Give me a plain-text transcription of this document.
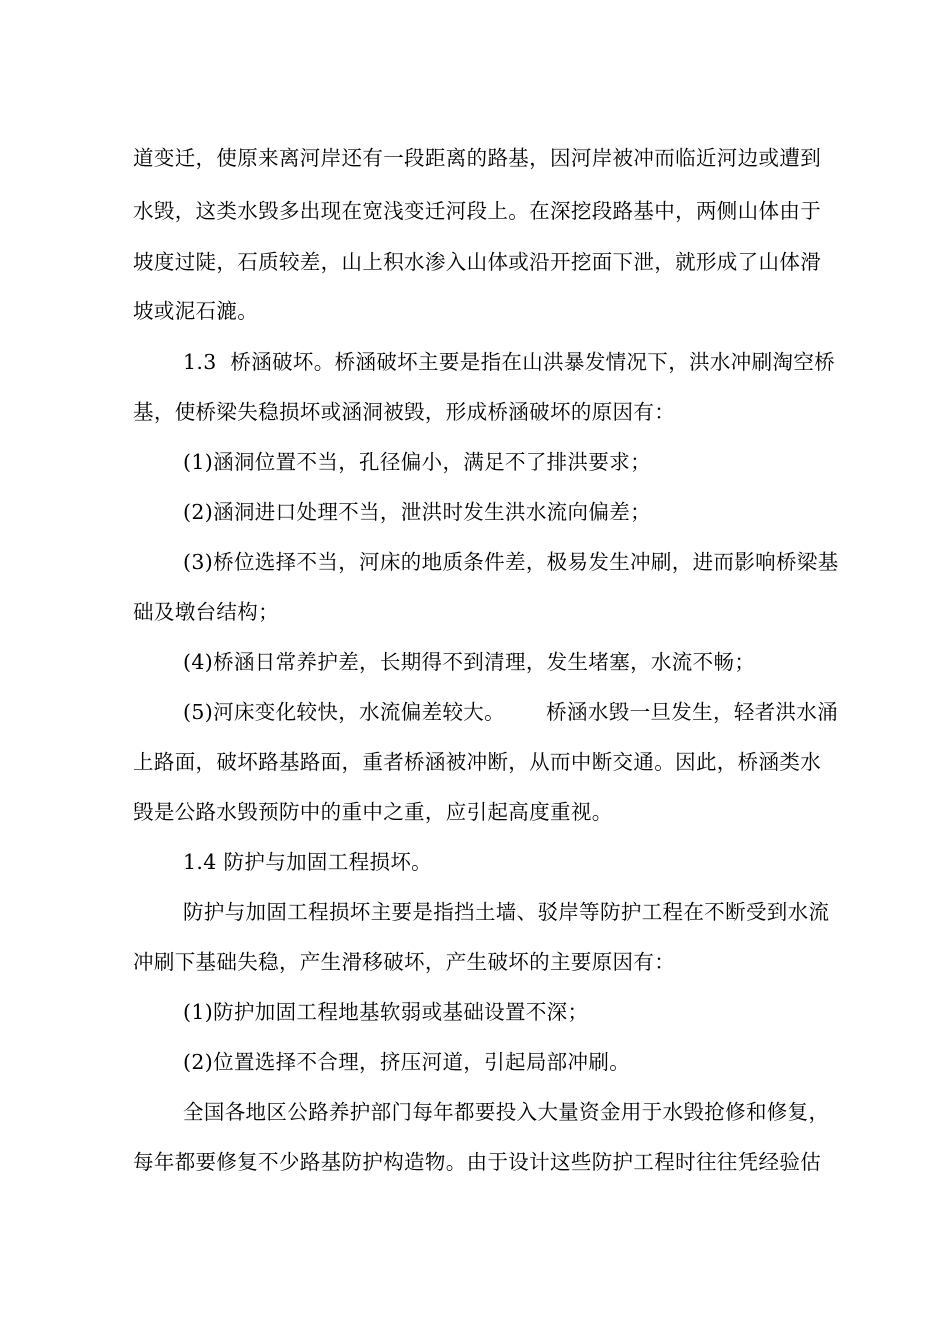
道变迁，使原来离河岸还有一段距离的路基，因河岸被冲而临近河边或遭到
水毁，这类水毁多出现在宽浅变迁河段上。在深挖段路基中，两侧山体由于
坡度过陡，石质较差，山上积水渗入山体或沿开挖面下泄，就形成了山体滑
坡或泥石漉。
1.3  桥涵破坏。桥涵破坏主要是指在山洪暴发情况下，洪水冲刷淘空桥
基，使桥梁失稳损坏或涵洞被毁，形成桥涵破坏的原因有：
(1)涵洞位置不当，孔径偏小，满足不了排洪要求；
(2)涵洞进口处理不当，泄洪时发生洪水流向偏差；
(3)桥位选择不当，河床的地质条件差，极易发生冲刷，进而影响桥梁基
础及墩台结构；
(4)桥涵日常养护差，长期得不到清理，发生堵塞，水流不畅；
(5)河床变化较快，水流偏差较大。      桥涵水毁一旦发生，轻者洪水涌
上路面，破坏路基路面，重者桥涵被冲断，从而中断交通。因此，桥涵类水
毁是公路水毁预防中的重中之重，应引起高度重视。
1.4 防护与加固工程损坏。
防护与加固工程损坏主要是指挡土墙、驳岸等防护工程在不断受到水流
冲刷下基础失稳，产生滑移破坏，产生破坏的主要原因有：
(1)防护加固工程地基软弱或基础设置不深；
(2)位置选择不合理，挤压河道，引起局部冲刷。
全国各地区公路养护部门每年都要投入大量资金用于水毁抢修和修复，
每年都要修复不少路基防护构造物。由于设计这些防护工程时往往凭经验估
